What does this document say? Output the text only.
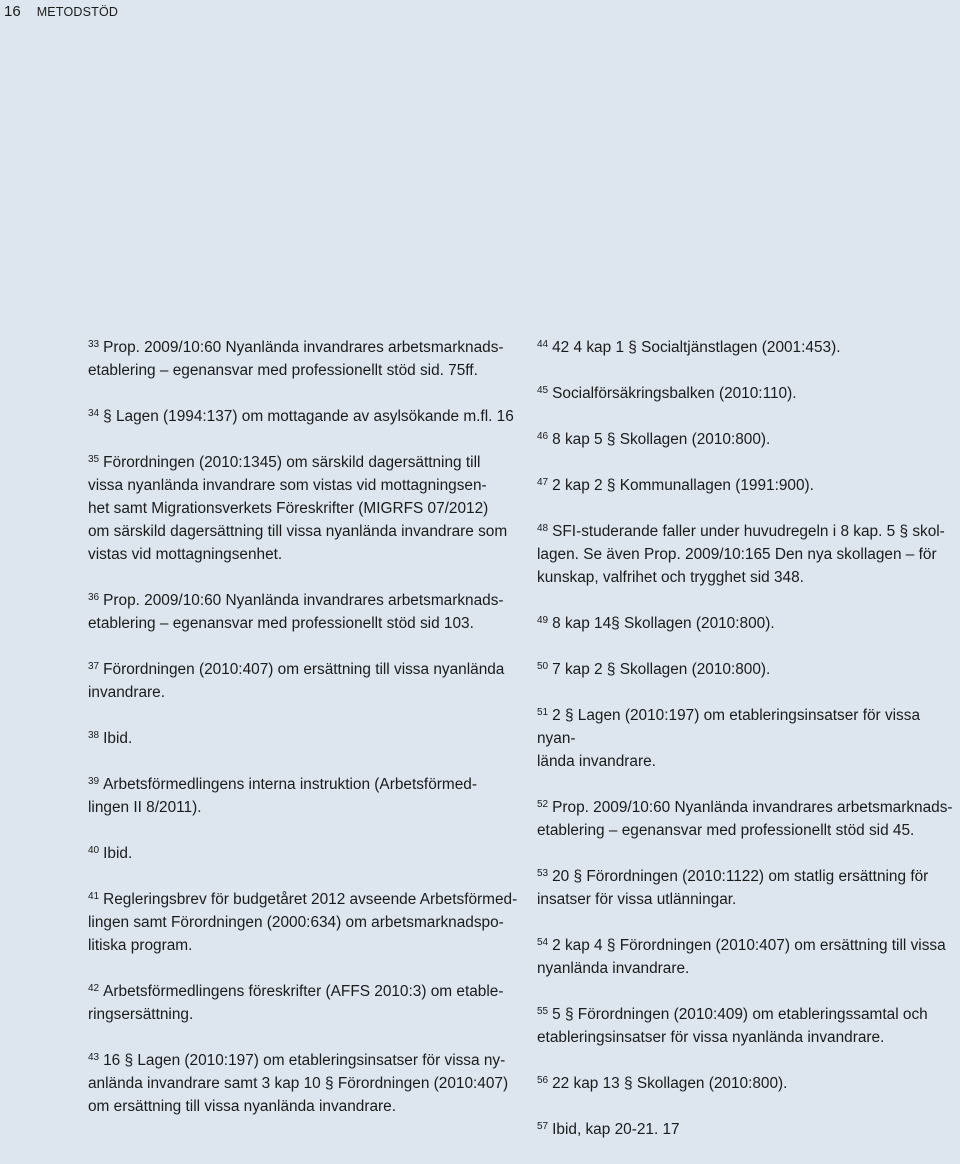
16 METODSTÖD

$^{33}$ Prop. 2009/10:60 Nyanlända invandrares arbetsmarknads-
etablering – egenansvar med professionellt stöd sid. 75ff.

$^{34}$ § Lagen (1994:137) om mottagande av asylsökande m.fl. 16

$^{35}$ Förordningen (2010:1345) om särskild dagersättning till
vissa nyanlända invandrare som vistas vid mottagningsen-
het samt Migrationsverkets Föreskrifter (MIGRFS 07/2012)
om särskild dagersättning till vissa nyanlända invandrare som
vistas vid mottagningsenhet.

$^{36}$ Prop. 2009/10:60 Nyanlända invandrares arbetsmarknads-
etablering – egenansvar med professionellt stöd sid 103.

$^{37}$ Förordningen (2010:407) om ersättning till vissa nyanlända
invandrare.

$^{38}$ Ibid.

$^{39}$ Arbetsförmedlingens interna instruktion (Arbetsförmed-
lingen II 8/2011).

$^{40}$ Ibid.

$^{41}$ Regleringsbrev för budgetåret 2012 avseende Arbetsförmed-
lingen samt Förordningen (2000:634) om arbetsmarknadspo-
litiska program.

$^{42}$ Arbetsförmedlingens föreskrifter (AFFS 2010:3) om etable-
ringsersättning.

$^{43}$ 16 § Lagen (2010:197) om etableringsinsatser för vissa ny-
anlända invandrare samt 3 kap 10 § Förordningen (2010:407)
om ersättning till vissa nyanlända invandrare.

$^{44}$ 42 4 kap 1 § Socialtjänstlagen (2001:453).

$^{45}$ Socialförsäkringsbalken (2010:110).

$^{46}$ 8 kap 5 § Skollagen (2010:800).

$^{47}$ 2 kap 2 § Kommunallagen (1991:900).

$^{48}$ SFI-studerande faller under huvudregeln i 8 kap. 5 § skol-
lagen. Se även Prop. 2009/10:165 Den nya skollagen – för
kunskap, valfrihet och trygghet sid 348.

$^{49}$ 8 kap 14§ Skollagen (2010:800).

$^{50}$ 7 kap 2 § Skollagen (2010:800).

$^{51}$ 2 § Lagen (2010:197) om etableringsinsatser för vissa nyan-
lända invandrare.

$^{52}$ Prop. 2009/10:60 Nyanlända invandrares arbetsmarknads-
etablering – egenansvar med professionellt stöd sid 45.

$^{53}$ 20 § Förordningen (2010:1122) om statlig ersättning för
insatser för vissa utlänningar.

$^{54}$ 2 kap 4 § Förordningen (2010:407) om ersättning till vissa
nyanlända invandrare.

$^{55}$ 5 § Förordningen (2010:409) om etableringssamtal och
etableringsinsatser för vissa nyanlända invandrare.

$^{56}$ 22 kap 13 § Skollagen (2010:800).

$^{57}$ Ibid, kap 20-21. 17
